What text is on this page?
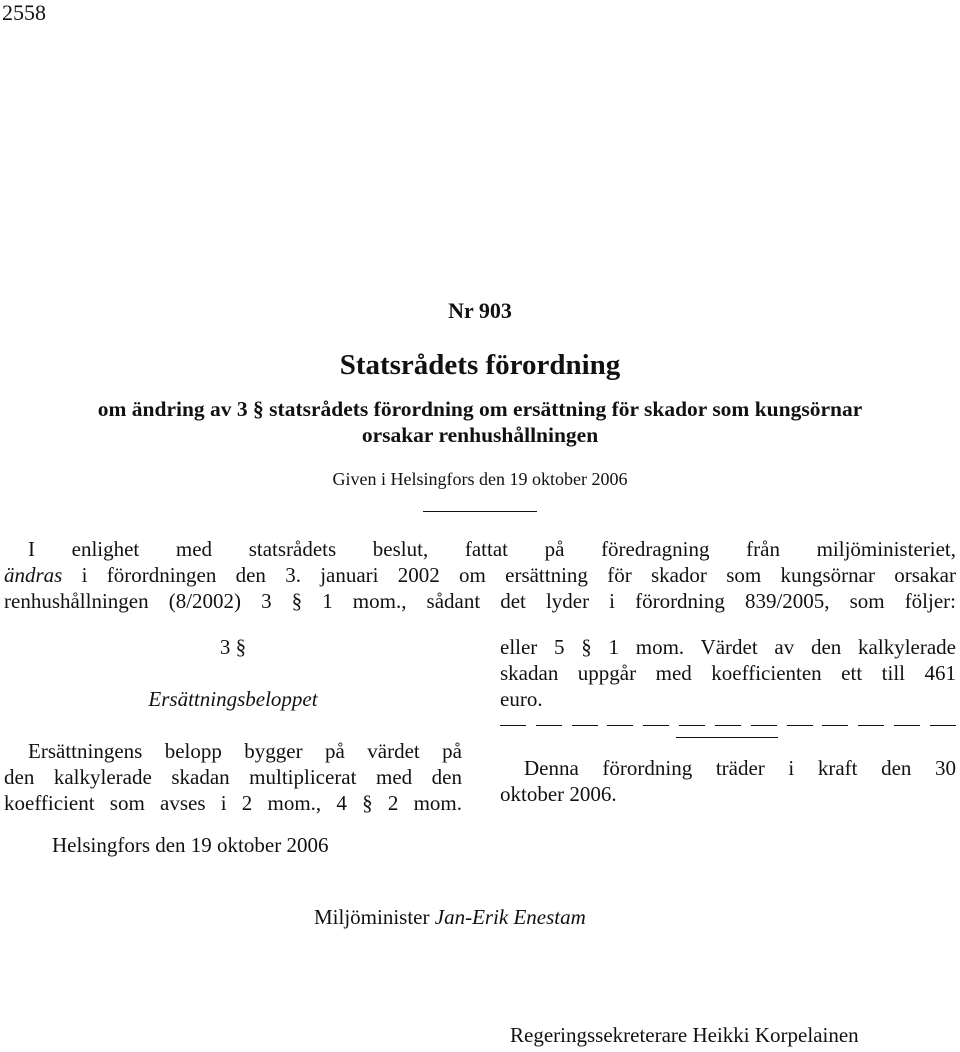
2558
Nr 903
Statsrådets förordning
om ändring av 3 § statsrådets förordning om ersättning för skador som kungsörnar
orsakar renhushållningen
Given i Helsingfors den 19 oktober 2006
I enlighet med statsrådets beslut, fattat på föredragning från miljöministeriet,
ändras i förordningen den 3. januari 2002 om ersättning för skador som kungsörnar orsakar
renhushållningen (8/2002) 3 § 1 mom., sådant det lyder i förordning 839/2005, som följer:
3 §
Ersättningsbeloppet
Ersättningens belopp bygger på värdet på
den kalkylerade skadan multiplicerat med den
koefficient som avses i 2 mom., 4 § 2 mom.
eller 5 § 1 mom. Värdet av den kalkylerade
skadan uppgår med koefficienten ett till 461
euro.
Denna förordning träder i kraft den 30
oktober 2006.
Helsingfors den 19 oktober 2006
Miljöminister Jan-Erik Enestam
Regeringssekreterare Heikki Korpelainen
